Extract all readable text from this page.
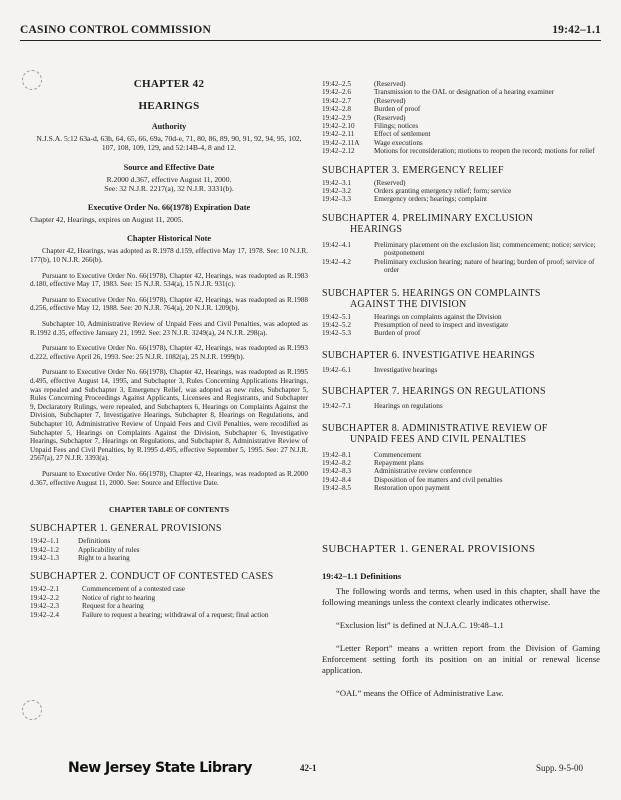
CASINO CONTROL COMMISSION	19:42–1.1
CHAPTER 42
HEARINGS
Authority
N.J.S.A. 5:12 63a-d, 63h, 64, 65, 66, 69a, 70d-e, 71, 80, 86, 89, 90, 91, 92, 94, 95, 102, 107, 108, 109, 129, and 52:14B-4, 8 and 12.
Source and Effective Date
R.2000 d.367, effective August 11, 2000.
See: 32 N.J.R. 2217(a), 32 N.J.R. 3331(b).
Executive Order No. 66(1978) Expiration Date
Chapter 42, Hearings, expires on August 11, 2005.
Chapter Historical Note
Chapter 42, Hearings, was adopted as R.1978 d.159, effective May 17, 1978. See: 10 N.J.R. 177(b), 10 N.J.R. 266(b).
Pursuant to Executive Order No. 66(1978), Chapter 42, Hearings, was readopted as R.1983 d.180, effective May 17, 1983. See: 15 N.J.R. 534(a), 15 N.J.R. 931(c).
Pursuant to Executive Order No. 66(1978), Chapter 42, Hearings, was readopted as R.1988 d.256, effective May 12, 1988. See: 20 N.J.R. 764(a), 20 N.J.R. 1209(b).
Subchapter 10, Administrative Review of Unpaid Fees and Civil Penalties, was adopted as R.1992 d.35, effective January 21, 1992. See: 23 N.J.R. 3249(a), 24 N.J.R. 298(a).
Pursuant to Executive Order No. 66(1978), Chapter 42, Hearings, was readopted as R.1993 d.222, effective April 26, 1993. See: 25 N.J.R. 1082(a), 25 N.J.R. 1999(b).
Pursuant to Executive Order No. 66(1978), Chapter 42, Hearings, was readopted as R.1995 d.495, effective August 14, 1995, and Subchapter 3, Rules Concerning Applications Hearings, was repealed and Subchapter 3, Emergency Relief, was adopted as new rules, Subchapter 5, Rules Concerning Proceedings Against Applicants, Licensees and Registrants, and Subchapter 9, Declaratory Rulings, were repealed, and Subchapters 6, Hearings on Complaints Against the Division, Subchapter 7, Investigative Hearings, Subchapter 8, Hearings on Regulations, and Subchapter 10, Administrative Review of Unpaid Fees and Civil Penalties, were recodified as Subchapter 5, Hearings on Complaints Against the Division, Subchapter 6, Investigative Hearings, Subchapter 7, Hearings on Regulations, and Subchapter 8, Administrative Review of Unpaid Fees and Civil Penalties, by R.1995 d.495, effective September 5, 1995. See: 27 N.J.R. 2567(a), 27 N.J.R. 3393(a).
Pursuant to Executive Order No. 66(1978), Chapter 42, Hearings, was readopted as R.2000 d.367, effective August 11, 2000. See: Source and Effective Date.
CHAPTER TABLE OF CONTENTS
SUBCHAPTER 1. GENERAL PROVISIONS
19:42–1.1	Definitions
19:42–1.2	Applicability of rules
19:42–1.3	Right to a hearing
SUBCHAPTER 2. CONDUCT OF CONTESTED CASES
19:42–2.1	Commencement of a contested case
19:42–2.2	Notice of right to hearing
19:42–2.3	Request for a hearing
19:42–2.4	Failure to request a hearing; withdrawal of a request; final action
19:42–2.5	(Reserved)
19:42–2.6	Transmission to the OAL or designation of a hearing examiner
19:42–2.7	(Reserved)
19:42–2.8	Burden of proof
19:42–2.9	(Reserved)
19:42–2.10	Filings; notices
19:42–2.11	Effect of settlement
19:42–2.11A	Wage executions
19:42–2.12	Motions for reconsideration; motions to reopen the record; motions for relief
SUBCHAPTER 3. EMERGENCY RELIEF
19:42–3.1	(Reserved)
19:42–3.2	Orders granting emergency relief; form; service
19:42–3.3	Emergency orders; hearings; complaint
SUBCHAPTER 4. PRELIMINARY EXCLUSION
HEARINGS
19:42–4.1	Preliminary placement on the exclusion list; commencement; notice; service; postponement
19:42–4.2	Preliminary exclusion hearing; nature of hearing; burden of proof; service of order
SUBCHAPTER 5. HEARINGS ON COMPLAINTS
AGAINST THE DIVISION
19:42–5.1	Hearings on complaints against the Division
19:42–5.2	Presumption of need to inspect and investigate
19:42–5.3	Burden of proof
SUBCHAPTER 6. INVESTIGATIVE HEARINGS
19:42–6.1	Investigative hearings
SUBCHAPTER 7. HEARINGS ON REGULATIONS
19:42–7.1	Hearings on regulations
SUBCHAPTER 8. ADMINISTRATIVE REVIEW OF
UNPAID FEES AND CIVIL PENALTIES
19:42–8.1	Commencement
19:42–8.2	Repayment plans
19:42–8.3	Administrative review conference
19:42–8.4	Disposition of fee matters and civil penalties
19:42–8.5	Restoration upon payment
SUBCHAPTER 1. GENERAL PROVISIONS
19:42–1.1 Definitions
The following words and terms, when used in this chapter, shall have the following meanings unless the context clearly indicates otherwise.
“Exclusion list” is defined at N.J.A.C. 19:48–1.1
“Letter Report” means a written report from the Division of Gaming Enforcement setting forth its position on an initial or renewal license application.
“OAL” means the Office of Administrative Law.
New Jersey State Library	42-1	Supp. 9-5-00
